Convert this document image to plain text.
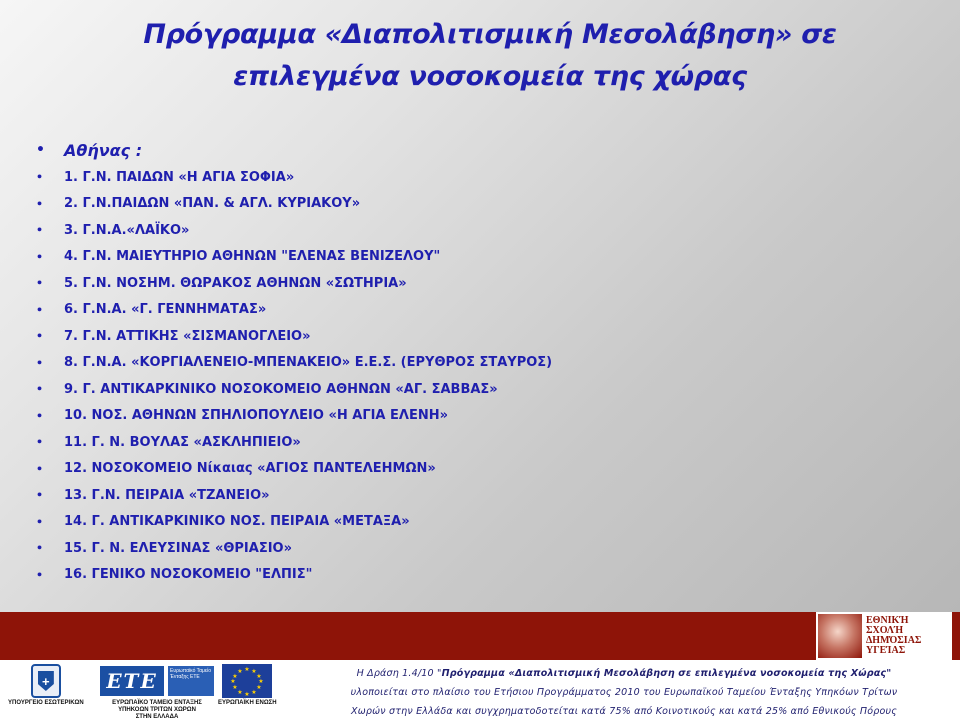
Πρόγραμμα «Διαπολιτισμική Μεσολάβηση» σε
επιλεγμένα νοσοκομεία της χώρας
• Αθήνας :
• 1. Γ.Ν. ΠΑΙΔΩΝ «Η ΑΓΙΑ ΣΟΦΙΑ»
• 2. Γ.Ν.ΠΑΙΔΩΝ «ΠΑΝ. & ΑΓΛ. ΚΥΡΙΑΚΟΥ»
• 3. Γ.Ν.Α.«ΛΑΪΚΟ»
• 4. Γ.Ν. ΜΑΙΕΥΤΗΡΙΟ ΑΘΗΝΩΝ "ΕΛΕΝΑΣ ΒΕΝΙΖΕΛΟΥ"
• 5. Γ.Ν. ΝΟΣΗΜ. ΘΩΡΑΚΟΣ ΑΘΗΝΩΝ «ΣΩΤΗΡΙΑ»
• 6. Γ.Ν.Α. «Γ. ΓΕΝΝΗΜΑΤΑΣ»
• 7. Γ.Ν. ΑΤΤΙΚΗΣ «ΣΙΣΜΑΝΟΓΛΕΙΟ»
• 8. Γ.Ν.Α. «ΚΟΡΓΙΑΛΕΝΕΙΟ-ΜΠΕΝΑΚΕΙΟ» Ε.Ε.Σ. (ΕΡΥΘΡΟΣ ΣΤΑΥΡΟΣ)
• 9. Γ. ΑΝΤΙΚΑΡΚΙΝΙΚΟ ΝΟΣΟΚΟΜΕΙΟ ΑΘΗΝΩΝ «ΑΓ. ΣΑΒΒΑΣ»
• 10. ΝΟΣ. ΑΘΗΝΩΝ ΣΠΗΛΙΟΠΟΥΛΕΙΟ «Η ΑΓΙΑ ΕΛΕΝΗ»
• 11. Γ. Ν. ΒΟΥΛΑΣ «ΑΣΚΛΗΠΙΕΙΟ»
• 12. ΝΟΣΟΚΟΜΕΙΟ Νίκαιας «ΑΓΙΟΣ ΠΑΝΤΕΛΕΗΜΩΝ»
• 13. Γ.Ν. ΠΕΙΡΑΙΑ «ΤΖΑΝΕΙΟ»
• 14. Γ. ΑΝΤΙΚΑΡΚΙΝΙΚΟ ΝΟΣ. ΠΕΙΡΑΙΑ «ΜΕΤΑΞΑ»
• 15. Γ. Ν. ΕΛΕΥΣΙΝΑΣ «ΘΡΙΑΣΙΟ»
• 16. ΓΕΝΙΚΟ ΝΟΣΟΚΟΜΕΙΟ "ΕΛΠΙΣ"
ΕΘΝΙΚΉ
ΣΧΟΛΉ
ΔΗΜΌΣΙΑΣ
ΥΓΕΊΑΣ
+
ΥΠΟΥΡΓΕΙΟ ΕΣΩΤΕΡΙΚΩΝ
ΕΤΕ	Ευρωπαϊκό Ταμείο Ένταξης ΕΤΕ
ΕΥΡΩΠΑΪΚΟ ΤΑΜΕΙΟ ΕΝΤΑΞΗΣ
ΥΠΗΚΟΩΝ ΤΡΙΤΩΝ ΧΩΡΩΝ
ΣΤΗΝ ΕΛΛΑΔΑ
★ ★
★
★
★
★
★
★
★
★
★
★
ΕΥΡΩΠΑΪΚΗ ΕΝΩΣΗ
Η Δράση 1.4/10 "Πρόγραμμα «Διαπολιτισμική Μεσολάβηση σε επιλεγμένα νοσοκομεία της Χώρας"
υλοποιείται στο πλαίσιο του Ετήσιου Προγράμματος 2010 του Ευρωπαϊκού Ταμείου Ένταξης Υπηκόων Τρίτων
Χωρών στην Ελλάδα και συγχρηματοδοτείται κατά 75% από Κοινοτικούς και κατά 25% από Εθνικούς Πόρους
